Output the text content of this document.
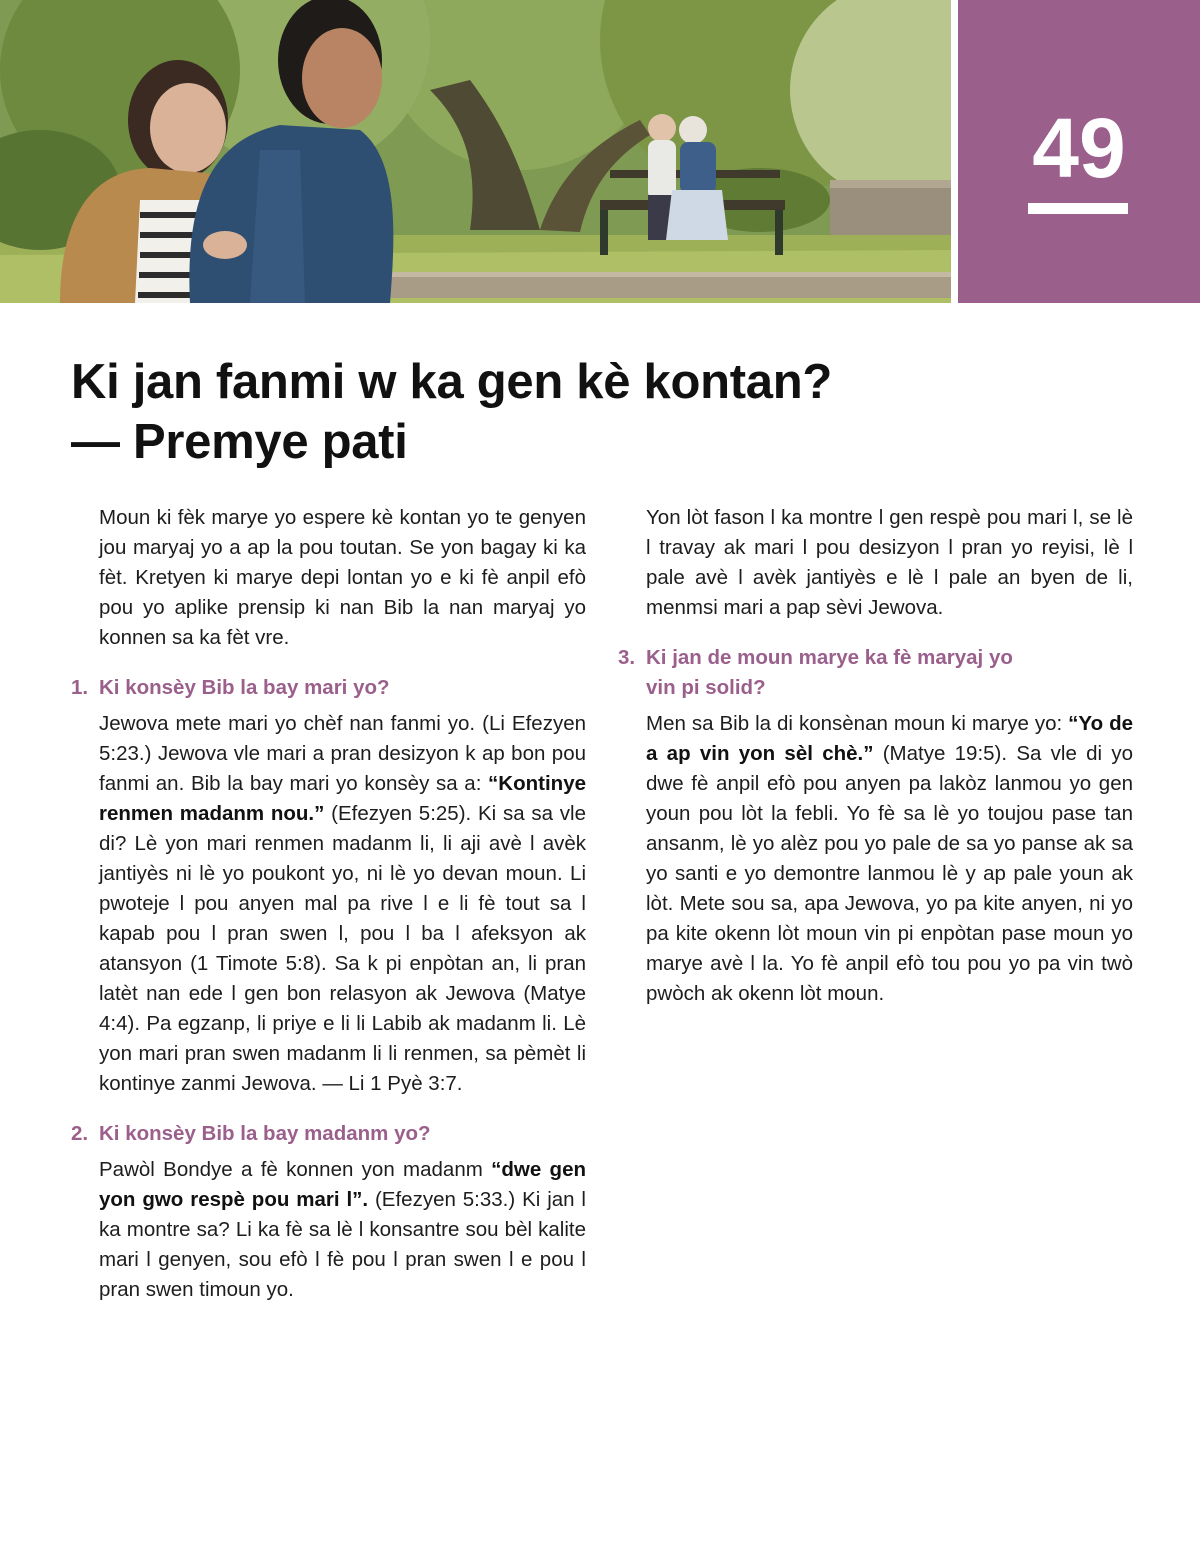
49
Ki jan fanmi w ka gen kè kontan?
— Premye pati

Moun ki fèk marye yo espere kè kontan yo te genyen jou maryaj yo a ap la pou toutan. Se yon bagay ki ka fèt. Kretyen ki marye depi lontan yo e ki fè anpil efò pou yo aplike prensip ki nan Bib la nan maryaj yo konnen sa ka fèt vre.

1. Ki konsèy Bib la bay mari yo?

Jewova mete mari yo chèf nan fanmi yo. (Li Efezyen 5:23.) Jewova vle mari a pran desizyon k ap bon pou fanmi an. Bib la bay mari yo konsèy sa a: “Kontinye renmen madanm nou.” (Efezyen 5:25). Ki sa sa vle di? Lè yon mari renmen madanm li, li aji avè l avèk jantiyès ni lè yo poukont yo, ni lè yo devan moun. Li pwoteje l pou anyen mal pa rive l e li fè tout sa l kapab pou l pran swen l, pou l ba l afeksyon ak atansyon (1 Timote 5:8). Sa k pi enpòtan an, li pran latèt nan ede l gen bon relasyon ak Jewova (Matye 4:4). Pa egzanp, li priye e li li Labib ak madanm li. Lè yon mari pran swen madanm li li renmen, sa pèmèt li kontinye zanmi Jewova. — Li 1 Pyè 3:7.

2. Ki konsèy Bib la bay madanm yo?

Pawòl Bondye a fè konnen yon madanm “dwe gen yon gwo respè pou mari l”. (Efezyen 5:33.) Ki jan l ka montre sa? Li ka fè sa lè l konsantre sou bèl kalite mari l genyen, sou efò l fè pou l pran swen l e pou l pran swen timoun yo.

Yon lòt fason l ka montre l gen respè pou mari l, se lè l travay ak mari l pou desizyon l pran yo reyisi, lè l pale avè l avèk jantiyès e lè l pale an byen de li, menmsi mari a pap sèvi Jewova.

3. Ki jan de moun marye ka fè maryaj yo
vin pi solid?

Men sa Bib la di konsènan moun ki marye yo: “Yo de a ap vin yon sèl chè.” (Matye 19:5). Sa vle di yo dwe fè anpil efò pou anyen pa lakòz lanmou yo gen youn pou lòt la febli. Yo fè sa lè yo toujou pase tan ansanm, lè yo alèz pou yo pale de sa yo panse ak sa yo santi e yo demontre lanmou lè y ap pale youn ak lòt. Mete sou sa, apa Jewova, yo pa kite anyen, ni yo pa kite okenn lòt moun vin pi enpòtan pase moun yo marye avè l la. Yo fè anpil efò tou pou yo pa vin twò pwòch ak okenn lòt moun.
